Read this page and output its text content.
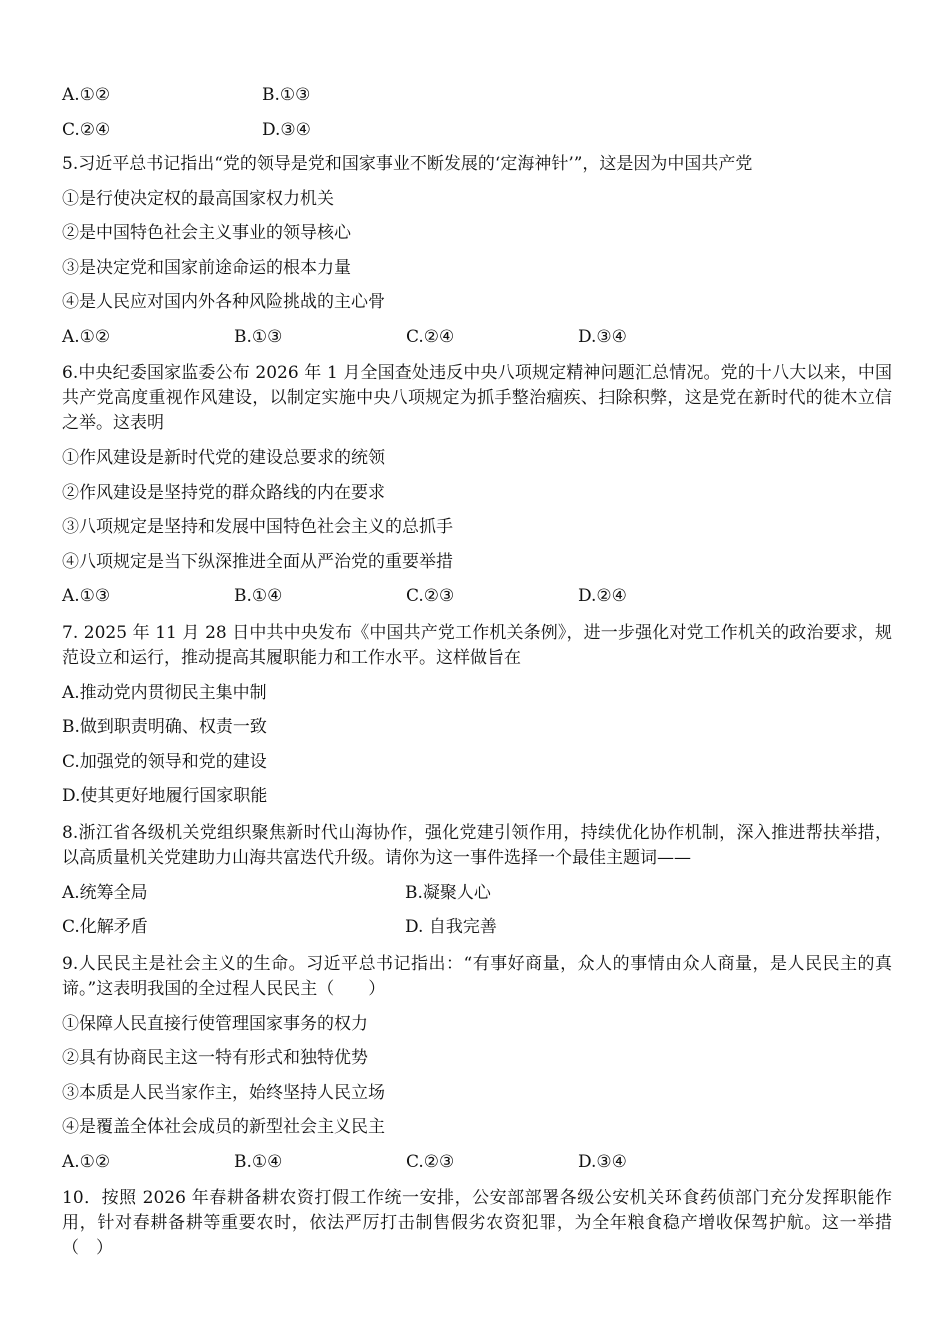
A.①②	B.①③
C.②④	D.③④
5.习近平总书记指出“党的领导是党和国家事业不断发展的‘定海神针’”，这是因为中国共产党
①是行使决定权的最高国家权力机关
②是中国特色社会主义事业的领导核心
③是决定党和国家前途命运的根本力量
④是人民应对国内外各种风险挑战的主心骨
A.①②	B.①③	C.②④	D.③④
6.中央纪委国家监委公布 2026 年 1 月全国查处违反中央八项规定精神问题汇总情况。党的十八大以来，中国共产党高度重视作风建设，以制定实施中央八项规定为抓手整治痼疾、扫除积弊，这是党在新时代的徙木立信之举。这表明
①作风建设是新时代党的建设总要求的统领
②作风建设是坚持党的群众路线的内在要求
③八项规定是坚持和发展中国特色社会主义的总抓手
④八项规定是当下纵深推进全面从严治党的重要举措
A.①③	B.①④	C.②③	D.②④
7. 2025 年 11 月 28 日中共中央发布《中国共产党工作机关条例》，进一步强化对党工作机关的政治要求，规范设立和运行，推动提高其履职能力和工作水平。这样做旨在
A.推动党内贯彻民主集中制
B.做到职责明确、权责一致
C.加强党的领导和党的建设
D.使其更好地履行国家职能
8.浙江省各级机关党组织聚焦新时代山海协作，强化党建引领作用，持续优化协作机制，深入推进帮扶举措，以高质量机关党建助力山海共富迭代升级。请你为这一事件选择一个最佳主题词——
A.统筹全局	B.凝聚人心
C.化解矛盾	D. 自我完善
9.人民民主是社会主义的生命。习近平总书记指出：“有事好商量，众人的事情由众人商量，是人民民主的真谛。”这表明我国的全过程人民民主（　　）
①保障人民直接行使管理国家事务的权力
②具有协商民主这一特有形式和独特优势
③本质是人民当家作主，始终坚持人民立场
④是覆盖全体社会成员的新型社会主义民主
A.①②	B.①④	C.②③	D.③④
10．按照 2026 年春耕备耕农资打假工作统一安排，公安部部署各级公安机关环食药侦部门充分发挥职能作用，针对春耕备耕等重要农时，依法严厉打击制售假劣农资犯罪，为全年粮食稳产增收保驾护航。这一举措（　）
